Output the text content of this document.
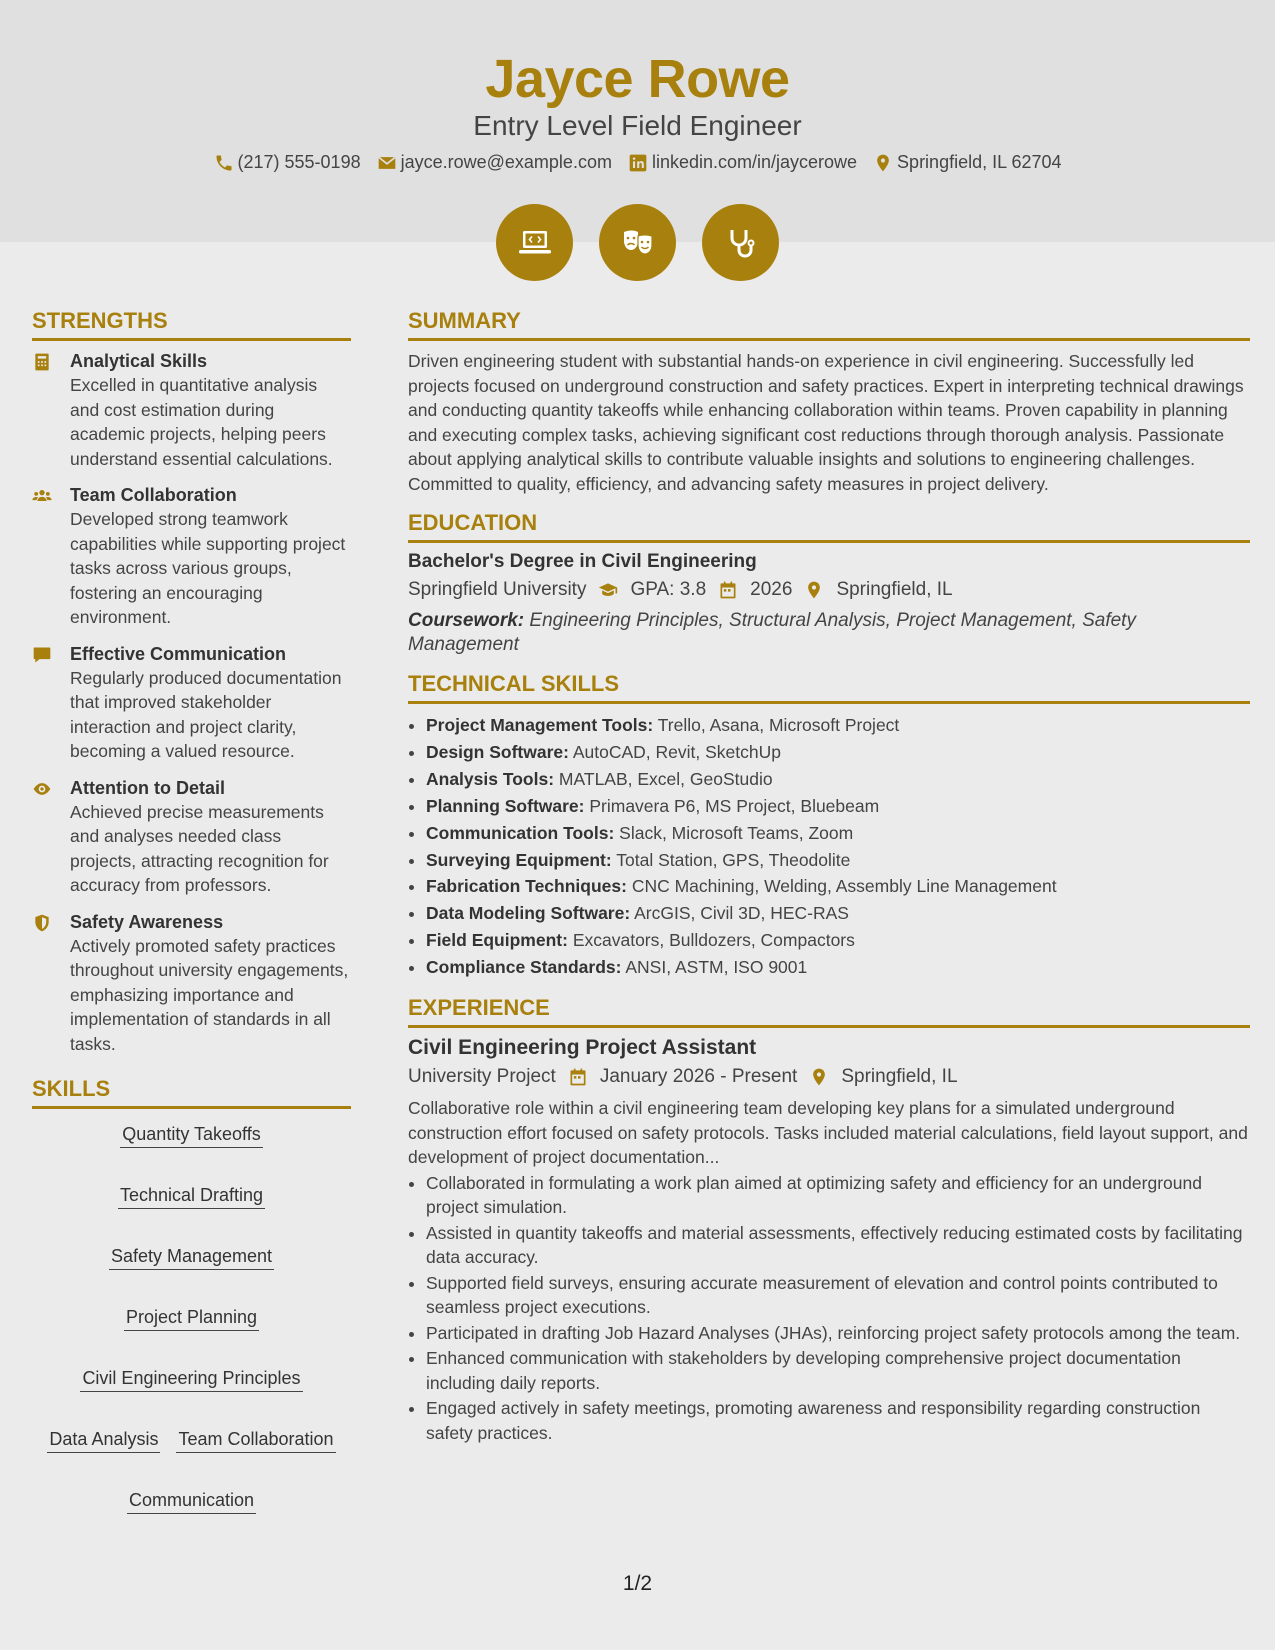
Jayce Rowe
Entry Level Field Engineer
(217) 555-0198 jayce.rowe@example.com linkedin.com/in/jaycerowe Springfield, IL 62704
STRENGTHS
Analytical Skills
Excelled in quantitative analysis and cost estimation during academic projects, helping peers understand essential calculations.
Team Collaboration
Developed strong teamwork capabilities while supporting project tasks across various groups, fostering an encouraging environment.
Effective Communication
Regularly produced documentation that improved stakeholder interaction and project clarity, becoming a valued resource.
Attention to Detail
Achieved precise measurements and analyses needed class projects, attracting recognition for accuracy from professors.
Safety Awareness
Actively promoted safety practices throughout university engagements, emphasizing importance and implementation of standards in all tasks.
SKILLS
Quantity Takeoffs
Technical Drafting
Safety Management
Project Planning
Civil Engineering Principles
Data Analysis Team Collaboration
Communication
SUMMARY
Driven engineering student with substantial hands-on experience in civil engineering. Successfully led projects focused on underground construction and safety practices. Expert in interpreting technical drawings and conducting quantity takeoffs while enhancing collaboration within teams. Proven capability in planning and executing complex tasks, achieving significant cost reductions through thorough analysis. Passionate about applying analytical skills to contribute valuable insights and solutions to engineering challenges. Committed to quality, efficiency, and advancing safety measures in project delivery.
EDUCATION
Bachelor's Degree in Civil Engineering
Springfield University GPA: 3.8 2026 Springfield, IL
Coursework: Engineering Principles, Structural Analysis, Project Management, Safety Management
TECHNICAL SKILLS
• Project Management Tools: Trello, Asana, Microsoft Project
• Design Software: AutoCAD, Revit, SketchUp
• Analysis Tools: MATLAB, Excel, GeoStudio
• Planning Software: Primavera P6, MS Project, Bluebeam
• Communication Tools: Slack, Microsoft Teams, Zoom
• Surveying Equipment: Total Station, GPS, Theodolite
• Fabrication Techniques: CNC Machining, Welding, Assembly Line Management
• Data Modeling Software: ArcGIS, Civil 3D, HEC-RAS
• Field Equipment: Excavators, Bulldozers, Compactors
• Compliance Standards: ANSI, ASTM, ISO 9001
EXPERIENCE
Civil Engineering Project Assistant
University Project January 2026 - Present Springfield, IL
Collaborative role within a civil engineering team developing key plans for a simulated underground construction effort focused on safety protocols. Tasks included material calculations, field layout support, and development of project documentation...
• Collaborated in formulating a work plan aimed at optimizing safety and efficiency for an underground project simulation.
• Assisted in quantity takeoffs and material assessments, effectively reducing estimated costs by facilitating data accuracy.
• Supported field surveys, ensuring accurate measurement of elevation and control points contributed to seamless project executions.
• Participated in drafting Job Hazard Analyses (JHAs), reinforcing project safety protocols among the team.
• Enhanced communication with stakeholders by developing comprehensive project documentation including daily reports.
• Engaged actively in safety meetings, promoting awareness and responsibility regarding construction safety practices.
1/2
